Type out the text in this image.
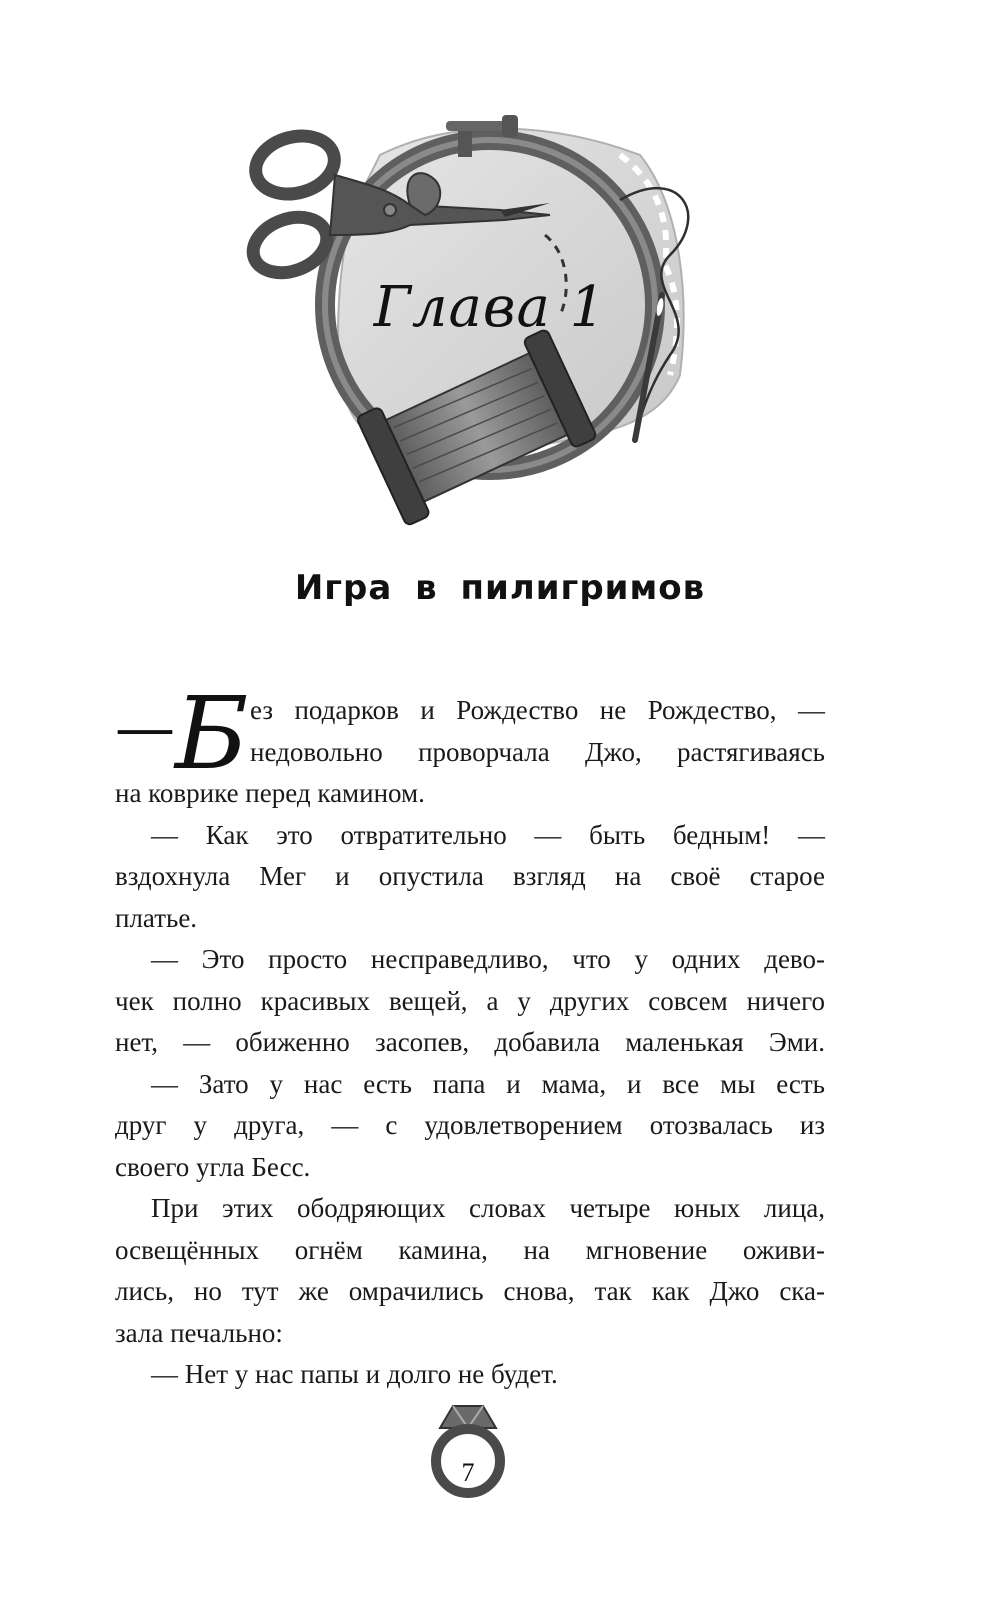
Глава 1
Игра в пилигримов
—Б ез подарков и Рождество не Рождество, —
недовольно проворчала Джо, растягиваясь
на коврике перед камином.
— Как это отвратительно — быть бедным! —
вздохнула Мег и опустила взгляд на своё старое
платье.
— Это просто несправедливо, что у одних дево-
чек полно красивых вещей, а у других совсем ничего
нет, — обиженно засопев, добавила маленькая Эми.
— Зато у нас есть папа и мама, и все мы есть
друг у друга, — с удовлетворением отозвалась из
своего угла Бесс.
При этих ободряющих словах четыре юных лица,
освещённых огнём камина, на мгновение оживи-
лись, но тут же омрачились снова, так как Джо ска-
зала печально:
— Нет у нас папы и долго не будет.
7
